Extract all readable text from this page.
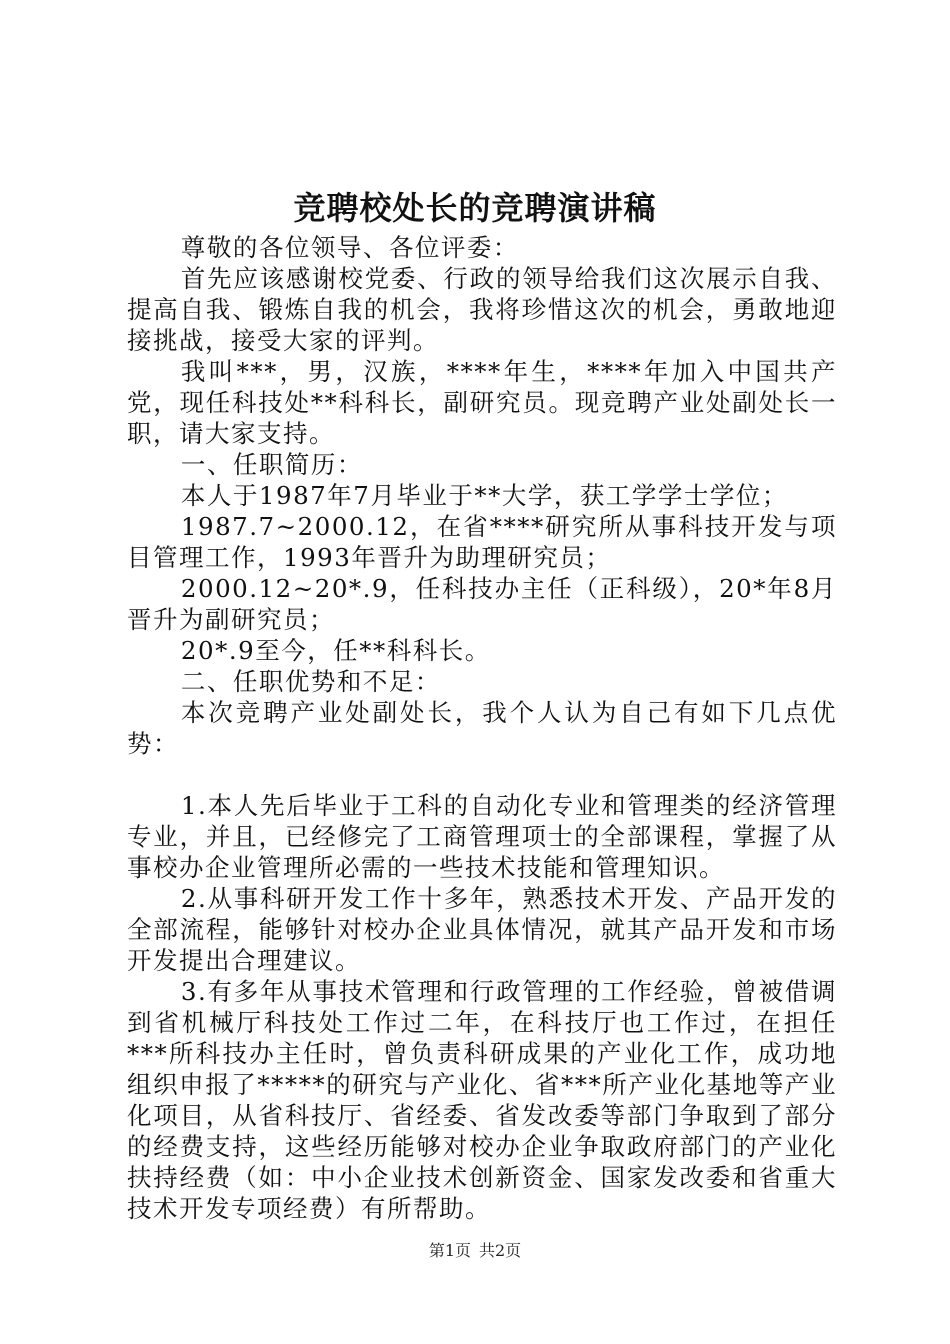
竞聘校处长的竞聘演讲稿

尊敬的各位领导、各位评委：

首先应该感谢校党委、行政的领导给我们这次展示自我、提高自我、锻炼自我的机会，我将珍惜这次的机会，勇敢地迎接挑战，接受大家的评判。

我叫***，男，汉族，****年生，****年加入中国共产党，现任科技处**科科长，副研究员。现竞聘产业处副处长一职，请大家支持。

一、任职简历：

本人于1987年7月毕业于**大学，获工学学士学位；

1987.7~2000.12，在省****研究所从事科技开发与项目管理工作，1993年晋升为助理研究员；

2000.12~20*.9，任科技办主任（正科级），20*年8月晋升为副研究员；

20*.9至今，任**科科长。

二、任职优势和不足：

本次竞聘产业处副处长，我个人认为自己有如下几点优势：

1.本人先后毕业于工科的自动化专业和管理类的经济管理专业，并且，已经修完了工商管理项士的全部课程，掌握了从事校办企业管理所必需的一些技术技能和管理知识。

2.从事科研开发工作十多年，熟悉技术开发、产品开发的全部流程，能够针对校办企业具体情况，就其产品开发和市场开发提出合理建议。

3.有多年从事技术管理和行政管理的工作经验，曾被借调到省机械厅科技处工作过二年，在科技厅也工作过，在担任***所科技办主任时，曾负责科研成果的产业化工作，成功地组织申报了*****的研究与产业化、省***所产业化基地等产业化项目，从省科技厅、省经委、省发改委等部门争取到了部分的经费支持，这些经历能够对校办企业争取政府部门的产业化扶持经费（如：中小企业技术创新资金、国家发改委和省重大技术开发专项经费）有所帮助。

第1页 共2页
